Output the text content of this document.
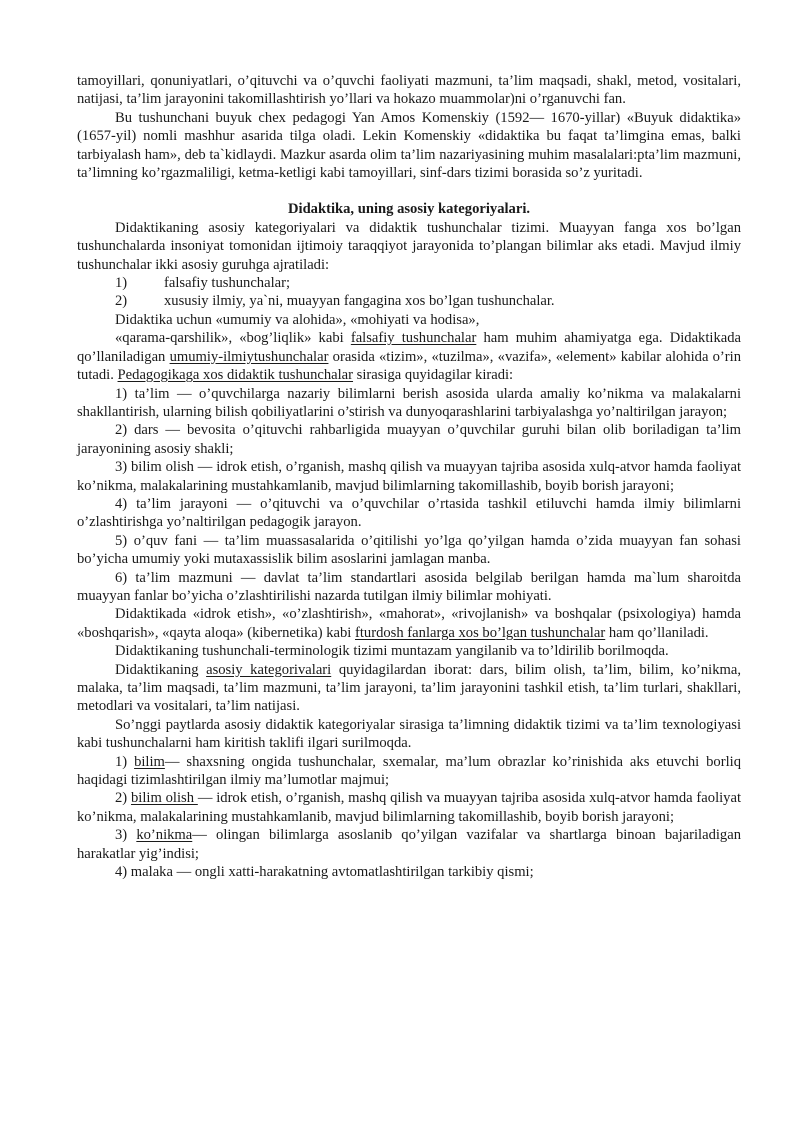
tamoyillari, qonuniyatlari, o’qituvchi va o’quvchi faoliyati mazmuni, ta’lim maqsadi, shakl, metod, vositalari, natijasi, ta’lim jarayonini takomillashtirish yo’llari va hokazo muammolar)ni o’rganuvchi fan.

Bu tushunchani buyuk chex pedagogi Yan Amos Komenskiy (1592— 1670-yillar) «Buyuk didaktika» (1657-yil) nomli mashhur asarida tilga oladi. Lekin Komenskiy «didaktika bu faqat ta’limgina emas, balki tarbiyalash ham», deb ta`kidlaydi. Mazkur asarda olim ta’lim nazariyasining muhim masalalari:pta’lim mazmuni, ta’limning ko’rgazmaliligi, ketma-ketligi kabi tamoyillari, sinf-dars tizimi borasida so’z yuritadi.

Didaktika, uning asosiy kategoriyalari.

Didaktikaning asosiy kategoriyalari va didaktik tushunchalar tizimi. Muayyan fanga xos bo’lgan tushunchalarda insoniyat tomonidan ijtimoiy taraqqiyot jarayonida to’plangan bilimlar aks etadi. Mavjud ilmiy tushunchalar ikki asosiy guruhga ajratiladi:

1)	falsafiy tushunchalar;
2)	xususiy ilmiy, ya`ni, muayyan fangagina xos bo’lgan tushunchalar.

Didaktika uchun «umumiy va alohida», «mohiyati va hodisa»,

«qarama-qarshilik», «bog’liqlik» kabi falsafiy tushunchalar ham muhim ahamiyatga ega. Didaktikada qo’llaniladigan umumiy-ilmiytushunchalar orasida «tizim», «tuzilma», «vazifa», «element» kabilar alohida o’rin tutadi. Pedagogikaga xos didaktik tushunchalar sirasiga quyidagilar kiradi:

1) ta’lim — o’quvchilarga nazariy bilimlarni berish asosida ularda amaliy ko’nikma va malakalarni shakllantirish, ularning bilish qobiliyatlarini o’stirish va dunyoqarashlarini tarbiyalashga yo’naltirilgan jarayon;

2) dars — bevosita o’qituvchi rahbarligida muayyan o’quvchilar guruhi bilan olib boriladigan ta’lim jarayonining asosiy shakli;

3) bilim olish — idrok etish, o’rganish, mashq qilish va muayyan tajriba asosida xulq-atvor hamda faoliyat ko’nikma, malakalarining mustahkamlanib, mavjud bilimlarning takomillashib, boyib borish jarayoni;

4) ta’lim jarayoni — o’qituvchi va o’quvchilar o’rtasida tashkil etiluvchi hamda ilmiy bilimlarni o’zlashtirishga yo’naltirilgan pedagogik jarayon.

5) o’quv fani — ta’lim muassasalarida o’qitilishi yo’lga qo’yilgan hamda o’zida muayyan fan sohasi bo’yicha umumiy yoki mutaxassislik bilim asoslarini jamlagan manba.

6) ta’lim mazmuni — davlat ta’lim standartlari asosida belgilab berilgan hamda ma`lum sharoitda muayyan fanlar bo’yicha o’zlashtirilishi nazarda tutilgan ilmiy bilimlar mohiyati.

Didaktikada «idrok etish», «o’zlashtirish», «mahorat», «rivojlanish» va boshqalar (psixologiya) hamda «boshqarish», «qayta aloqa» (kibernetika) kabi fturdosh fanlarga xos bo’lgan tushunchalar ham qo’llaniladi.

Didaktikaning tushunchali-terminologik tizimi muntazam yangilanib va to’ldirilib borilmoqda.

Didaktikaning asosiy kategorivalari quyidagilardan iborat: dars, bilim olish, ta’lim, bilim, ko’nikma, malaka, ta’lim maqsadi, ta’lim mazmuni, ta’lim jarayoni, ta’lim jarayonini tashkil etish, ta’lim turlari, shakllari, metodlari va vositalari, ta’lim natijasi.

So’nggi paytlarda asosiy didaktik kategoriyalar sirasiga ta’limning didaktik tizimi va ta’lim texnologiyasi kabi tushunchalarni ham kiritish taklifi ilgari surilmoqda.

1) bilim— shaxsning ongida tushunchalar, sxemalar, ma’lum obrazlar ko’rinishida aks etuvchi borliq haqidagi tizimlashtirilgan ilmiy ma’lumotlar majmui;

2) bilim olish — idrok etish, o’rganish, mashq qilish va muayyan tajriba asosida xulq-atvor hamda faoliyat ko’nikma, malakalarining mustahkamlanib, mavjud bilimlarning takomillashib, boyib borish jarayoni;

3) ko’nikma— olingan bilimlarga asoslanib qo’yilgan vazifalar va shartlarga binoan bajariladigan harakatlar yig’indisi;

4) malaka — ongli xatti-harakatning avtomatlashtirilgan tarkibiy qismi;
